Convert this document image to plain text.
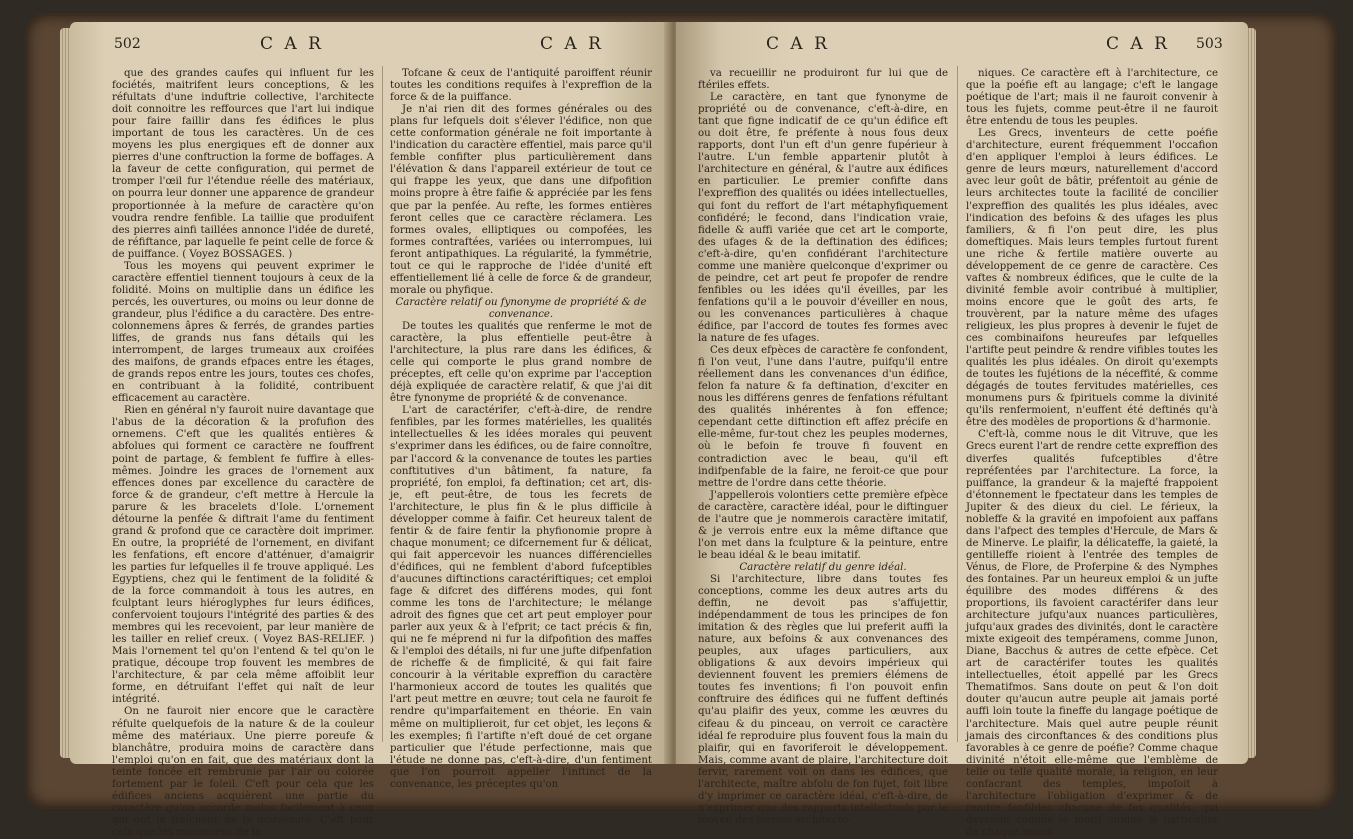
502	C A R	C A R

que des grandes caufes qui influent fur les fociétés, maitrifent leurs conceptions, & les réfultats d'une induftrie collective, l'architecte doit connoitre les reffources que l'art lui indique pour faire faillir dans fes édifices le plus important de tous les caractères. Un de ces moyens les plus energiques eft de donner aux pierres d'une conftruction la forme de boffages. A la faveur de cette configuration, qui permet de tromper l'œil fur l'étendue réelle des matériaux, on pourra leur donner une apparence de grandeur proportionnée à la mefure de caractère qu'on voudra rendre fenfible. La taillie que produifent des pierres ainfi taillées annonce l'idée de dureté, de réfiftance, par laquelle fe peint celle de force & de puiffance. ( Voyez BOSSAGES. )

Tous les moyens qui peuvent exprimer le caractère effentiel tiennent toujours à ceux de la folidité. Moins on multiplie dans un édifice les percés, les ouvertures, ou moins ou leur donne de grandeur, plus l'édifice a du caractère. Des entre-colonnemens âpres & ferrés, de grandes parties liffes, de grands nus fans détails qui les interrompent, de larges trumeaux aux croifées des maifons, de grands efpaces entre les étages, de grands repos entre les jours, toutes ces chofes, en contribuant à la folidité, contribuent efficacement au caractère.

Rien en général n'y fauroit nuire davantage que l'abus de la décoration & la profufion des ornemens. C'eft que les qualités entières & abfolues qui forment ce caractère ne fouffrent point de partage, & femblent fe fuffire à elles-mêmes. Joindre les graces de l'ornement aux effences dones par excellence du caractère de force & de grandeur, c'eft mettre à Hercule la parure & les bracelets d'Iole. L'ornement détourne la penfée & diftrait l'ame du fentiment grand & profond que ce caractère doit imprimer. En outre, la propriété de l'ornement, en divifant les fenfations, eft encore d'atténuer, d'amaigrir les parties fur lefquelles il fe trouve appliqué. Les Egyptiens, chez qui le fentiment de la folidité & de la force commandoit à tous les autres, en fculptant leurs hiéroglyphes fur leurs édifices, confervoient toujours l'intégrité des parties & des membres qui les recevoient, par leur manière de les tailler en relief creux. ( Voyez BAS-RELIEF. ) Mais l'ornement tel qu'on l'entend & tel qu'on le pratique, découpe trop fouvent les membres de l'architecture, & par cela même affoiblit leur forme, en détruifant l'effet qui naît de leur intégrité.

On ne fauroit nier encore que le caractère réfulte quelquefois de la nature & de la couleur même des matériaux. Une pierre poreufe & blanchâtre, produira moins de caractère dans l'emploi qu'on en fait, que des matériaux dont la teinte foncée eft rembrunie par l'air ou colorée fortement par le foleil. C'eft pour cela que les édifices anciens acquièrent une partie du caractère qu'on accorde moins facilement à ceux qui ont la fraîcheur de la nouveauté. C'eft pour cela que les monumens de la

Tofcane & ceux de l'antiquité paroiffent réunir toutes les conditions requifes à l'expreffion de la force & de la puiffance.

Je n'ai rien dit des formes générales ou des plans fur lefquels doit s'élever l'édifice, non que cette conformation générale ne foit importante à l'indication du caractère effentiel, mais parce qu'il femble confifter plus particulièrement dans l'élévation & dans l'appareil extérieur de tout ce qui frappe les yeux, que dans une difpofition moins propre à être faifie & appréciée par les fens que par la penfée. Au refte, les formes entières feront celles que ce caractère réclamera. Les formes ovales, elliptiques ou compofées, les formes contraftées, variées ou interrompues, lui feront antipathiques. La régularité, la fymmétrie, tout ce qui le rapproche de l'idée d'unité eft effentiellement lié à celle de force & de grandeur, morale ou phyfique.

Caractère relatif ou fynonyme de propriété & de convenance.

De toutes les qualités que renferme le mot de caractère, la plus effentielle peut-être à l'architecture, la plus rare dans les édifices, & celle qui comporte le plus grand nombre de préceptes, eft celle qu'on exprime par l'acception déjà expliquée de caractère relatif, & que j'ai dit être fynonyme de propriété & de convenance.

L'art de caractérifer, c'eft-à-dire, de rendre fenfibles, par les formes matérielles, les qualités intellectuelles & les idées morales qui peuvent s'exprimer dans les édifices, ou de faire connoître, par l'accord & la convenance de toutes les parties conftitutives d'un bâtiment, fa nature, fa propriété, fon emploi, fa deftination; cet art, dis-je, eft peut-être, de tous les fecrets de l'architecture, le plus fin & le plus difficile à développer comme à faifir. Cet heureux talent de fentir & de faire fentir la phyfionomie propre à chaque monument; ce difcernement fur & délicat, qui fait appercevoir les nuances différencielles d'édifices, qui ne femblent d'abord fufceptibles d'aucunes diftinctions caractériftiques; cet emploi fage & difcret des différens modes, qui font comme les tons de l'architecture; le mélange adroit des fignes que cet art peut employer pour parler aux yeux & à l'efprit; ce tact précis & fin, qui ne fe méprend ni fur la difpofition des maffes & l'emploi des détails, ni fur une jufte difpenfation de richeffe & de fimplicité, & qui fait faire concourir à la véritable expreffion du caractère l'harmonieux accord de toutes les qualités que l'art peut mettre en œuvre; tout cela ne fauroit fe rendre qu'imparfaitement en théorie. En vain même on multiplieroit, fur cet objet, les leçons & les exemples; fi l'artifte n'eft doué de cet organe particulier que l'étude perfectionne, mais que l'étude ne donne pas, c'eft-à-dire, d'un fentiment que l'on pourroit appeller l'inftinct de la convenance, les préceptes qu'on

C A R	C A R 503

va recueillir ne produiront fur lui que de ftériles effets.

Le caractère, en tant que fynonyme de propriété ou de convenance, c'eft-à-dire, en tant que figne indicatif de ce qu'un édifice eft ou doit être, fe préfente à nous fous deux rapports, dont l'un eft d'un genre fupérieur à l'autre. L'un femble appartenir plutôt à l'architecture en général, & l'autre aux édifices en particulier. Le premier confifte dans l'expreffion des qualités ou idées intellectuelles, qui font du reffort de l'art métaphyfiquement confidéré; le fecond, dans l'indication vraie, fidelle & auffi variée que cet art le comporte, des ufages & de la deftination des édifices; c'eft-à-dire, qu'en confidérant l'architecture comme une manière quelconque d'exprimer ou de peindre, cet art peut fe propofer de rendre fenfibles ou les idées qu'il éveilles, par les fenfations qu'il a le pouvoir d'éveiller en nous, ou les convenances particulières à chaque édifice, par l'accord de toutes fes formes avec la nature de fes ufages.

Ces deux efpèces de caractère fe confondent, fi l'on veut, l'une dans l'autre, puifqu'il entre réellement dans les convenances d'un édifice, felon fa nature & fa deftination, d'exciter en nous les différens genres de fenfations réfultant des qualités inhérentes à fon effence; cependant cette diftinction eft affez précife en elle-même, fur-tout chez les peuples modernes, où le befoin fe trouve fi fouvent en contradiction avec le beau, qu'il eft indifpenfable de la faire, ne feroit-ce que pour mettre de l'ordre dans cette théorie.

J'appellerois volontiers cette première efpèce de caractère, caractère idéal, pour le diftinguer de l'autre que je nommerois caractère imitatif, & je verrois entre eux la même diftance que l'on met dans la fculpture & la peinture, entre le beau idéal & le beau imitatif.

Caractère relatif du genre idéal.

Si l'architecture, libre dans toutes fes conceptions, comme les deux autres arts du deffin, ne devoit pas s'affujettir, indépendamment de tous les principes de fon imitation & des règles que lui preferit auffi la nature, aux befoins & aux convenances des peuples, aux ufages particuliers, aux obligations & aux devoirs impérieux qui deviennent fouvent les premiers élémens de toutes fes inventions; fi l'on pouvoit enfin conftruire des édifices qui ne fuffent deftinés qu'au plaifir des yeux, comme les œuvres du cifeau & du pinceau, on verroit ce caractère idéal fe reproduire plus fouvent fous la main du plaifir, qui en favoriferoit le développement. Mais, comme avant de plaire, l'architecture doit fervir, rarement voit on dans les édifices, que l'architecte, maître abfolu de fon fujet, foit libre d'y imprimer ce caractère idéal, c'eft-à-dire, de n'exprimer que des rapports intellectuels par le moyen des formes architecto-

niques. Ce caractère eft à l'architecture, ce que la poéfie eft au langage; c'eft le langage poétique de l'art; mais il ne fauroit convenir à tous les fujets, comme peut-être il ne fauroit être entendu de tous les peuples.

Les Grecs, inventeurs de cette poéfie d'architecture, eurent fréquemment l'occafion d'en appliquer l'emploi à leurs édifices. Le genre de leurs mœurs, naturellement d'accord avec leur goût de bâtir, préfentoit au génie de leurs architectes toute la facilité de concilier l'expreffion des qualités les plus idéales, avec l'indication des befoins & des ufages les plus familiers, & fi l'on peut dire, les plus domeftiques. Mais leurs temples furtout furent une riche & fertile matière ouverte au développement de ce genre de caractère. Ces vaftes & nombreux édifices, que le culte de la divinité femble avoir contribué à multiplier, moins encore que le goût des arts, fe trouvèrent, par la nature même des ufages religieux, les plus propres à devenir le fujet de ces combinaifons heureufes par lefquelles l'artifte peut peindre & rendre vifibles toutes les qualités les plus idéales. On diroit qu'exempts de toutes les fujétions de la néceffité, & comme dégagés de toutes fervitudes matérielles, ces monumens purs & fpirituels comme la divinité qu'ils renfermoient, n'euffent été deftinés qu'à être des modèles de proportions & d'harmonie.

C'eft-là, comme nous le dit Vitruve, que les Grecs eurent l'art de rendre cette expreffion des diverfes qualités fufceptibles d'être repréfentées par l'architecture. La force, la puiffance, la grandeur & la majefté frappoient d'étonnement le fpectateur dans les temples de Jupiter & des dieux du ciel. Le férieux, la nobleffe & la gravité en impofoient aux paffans dans l'afpect des temples d'Hercule, de Mars & de Minerve. Le plaifir, la délicateffe, la gaieté, la gentilleffe rioient à l'entrée des temples de Vénus, de Flore, de Proferpine & des Nymphes des fontaines. Par un heureux emploi & un jufte équilibre des modes différens & des proportions, ils favoient caractérifer dans leur architecture jufqu'aux nuances particulières, jufqu'aux grades des divinités, dont le caractère mixte exigeoit des tempéramens, comme Junon, Diane, Bacchus & autres de cette efpèce. Cet art de caractérifer toutes les qualités intellectuelles, étoit appellé par les Grecs Thematifmos. Sans doute on peut & l'on doit douter qu'aucun autre peuple ait jamais porté auffi loin toute la fineffe du langage poétique de l'architecture. Mais quel autre peuple réunit jamais des circonftances & des conditions plus favorables à ce genre de poéfie? Comme chaque divinité n'étoit elle-même que l'emblème de telle ou telle qualité morale, la religion, en leur confacrant des temples, impofoit à l'architecture l'obligation d'exprimer & de rendre fenfibles chacune de fes qualités, qui devenoit comme le motif unique & particulier de chaque monu-
